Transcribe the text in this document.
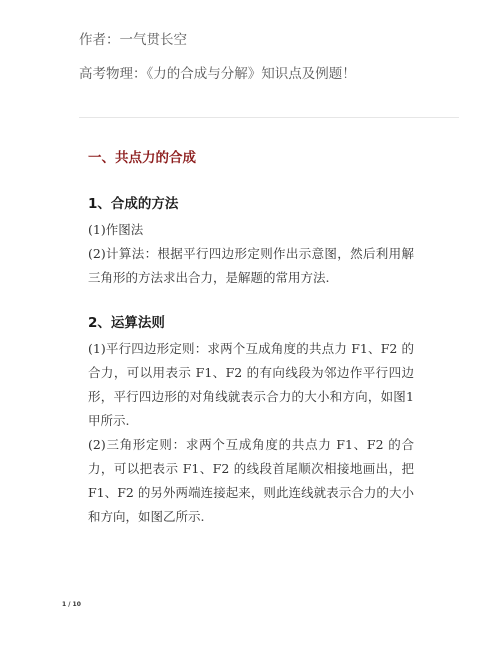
作者：一气贯长空
高考物理：《力的合成与分解》知识点及例题！
一、共点力的合成
1、合成的方法

(1)作图法

(2)计算法：根据平行四边形定则作出示意图，然后利用解三角形的方法求出合力，是解题的常用方法.

2、运算法则

(1)平行四边形定则：求两个互成角度的共点力 F1、F2 的合力，可以用表示 F1、F2 的有向线段为邻边作平行四边形，平行四边形的对角线就表示合力的大小和方向，如图1甲所示.

(2)三角形定则：求两个互成角度的共点力 F1、F2 的合力，可以把表示 F1、F2 的线段首尾顺次相接地画出，把F1、F2 的另外两端连接起来，则此连线就表示合力的大小和方向，如图乙所示.

1 / 10
